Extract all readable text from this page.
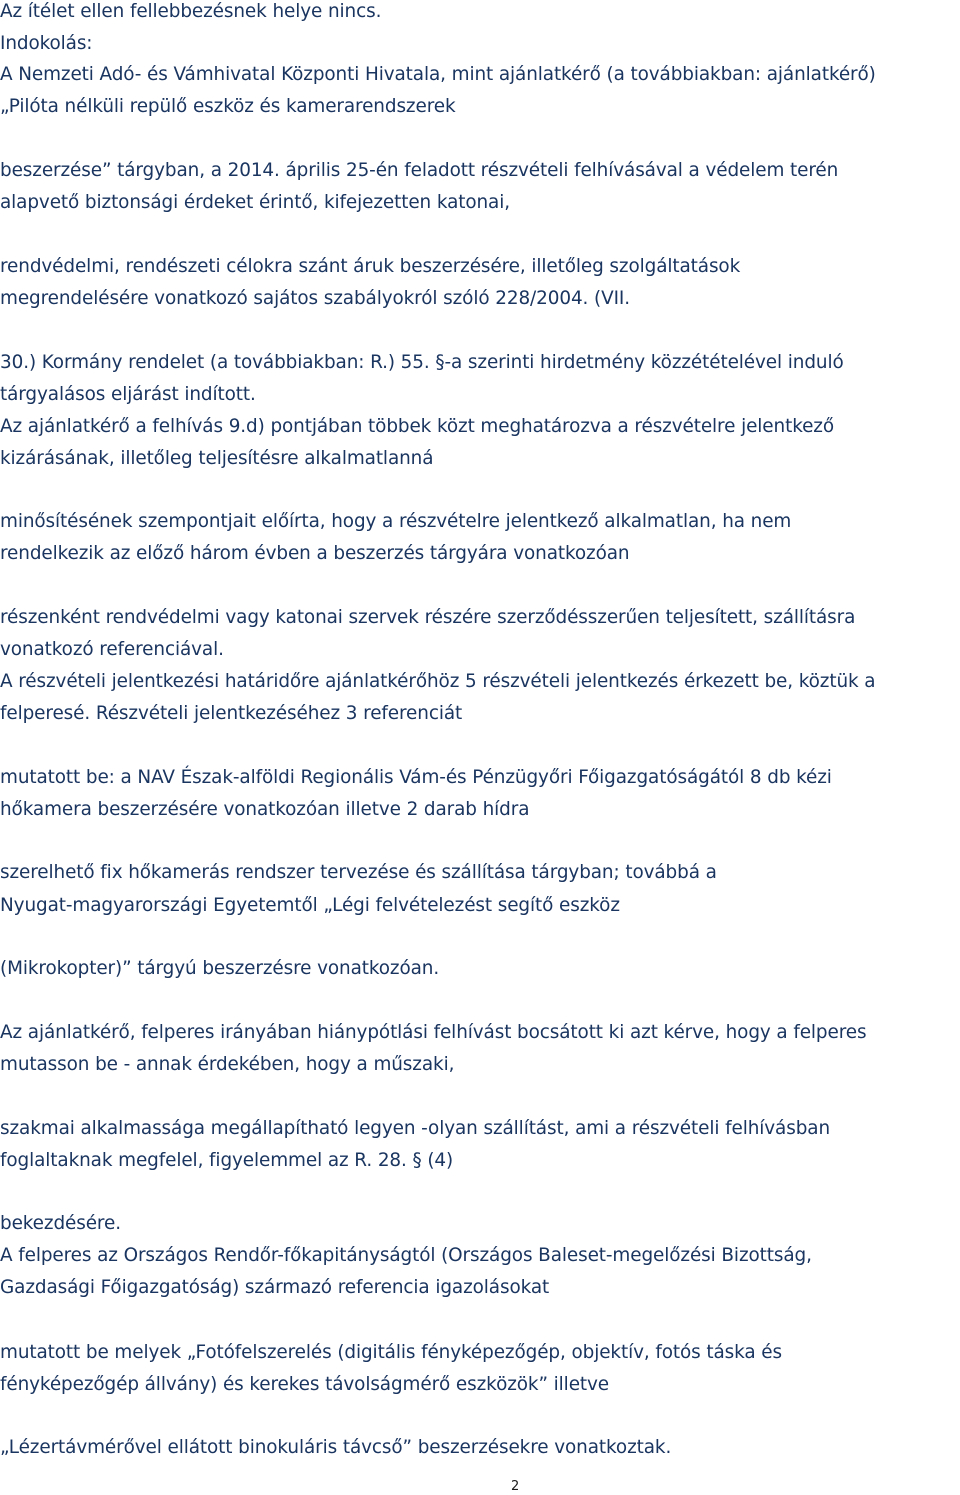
Az ítélet ellen fellebbezésnek helye nincs.
Indokolás:
A Nemzeti Adó- és Vámhivatal Központi Hivatala, mint ajánlatkérő (a továbbiakban: ajánlatkérő)
„Pilóta nélküli repülő eszköz és kamerarendszerek
beszerzése” tárgyban, a 2014. április 25-én feladott részvételi felhívásával a védelem terén
alapvető biztonsági érdeket érintő, kifejezetten katonai,
rendvédelmi, rendészeti célokra szánt áruk beszerzésére, illetőleg szolgáltatások
megrendelésére vonatkozó sajátos szabályokról szóló 228/2004. (VII.
30.) Kormány rendelet (a továbbiakban: R.) 55. §-a szerinti hirdetmény közzétételével induló
tárgyalásos eljárást indított.
Az ajánlatkérő a felhívás 9.d) pontjában többek közt meghatározva a részvételre jelentkező
kizárásának, illetőleg teljesítésre alkalmatlanná
minősítésének szempontjait előírta, hogy a részvételre jelentkező alkalmatlan, ha nem
rendelkezik az előző három évben a beszerzés tárgyára vonatkozóan
részenként rendvédelmi vagy katonai szervek részére szerződésszerűen teljesített, szállításra
vonatkozó referenciával.
A részvételi jelentkezési határidőre ajánlatkérőhöz 5 részvételi jelentkezés érkezett be, köztük a
felperesé. Részvételi jelentkezéséhez 3 referenciát
mutatott be: a NAV Észak-alföldi Regionális Vám-és Pénzügyőri Főigazgatóságától 8 db kézi
hőkamera beszerzésére vonatkozóan illetve 2 darab hídra
szerelhető fix hőkamerás rendszer tervezése és szállítása tárgyban; továbbá a
Nyugat-magyarországi Egyetemtől „Légi felvételezést segítő eszköz
(Mikrokopter)” tárgyú beszerzésre vonatkozóan.
Az ajánlatkérő, felperes irányában hiánypótlási felhívást bocsátott ki azt kérve, hogy a felperes
mutasson be - annak érdekében, hogy a műszaki,
szakmai alkalmassága megállapítható legyen -olyan szállítást, ami a részvételi felhívásban
foglaltaknak megfelel, figyelemmel az R. 28. § (4)
bekezdésére.
A felperes az Országos Rendőr-főkapitányságtól (Országos Baleset-megelőzési Bizottság,
Gazdasági Főigazgatóság) származó referencia igazolásokat
mutatott be melyek „Fotófelszerelés (digitális fényképezőgép, objektív, fotós táska és
fényképezőgép állvány) és kerekes távolságmérő eszközök” illetve
„Lézertávmérővel ellátott binokuláris távcső” beszerzésekre vonatkoztak.
2
